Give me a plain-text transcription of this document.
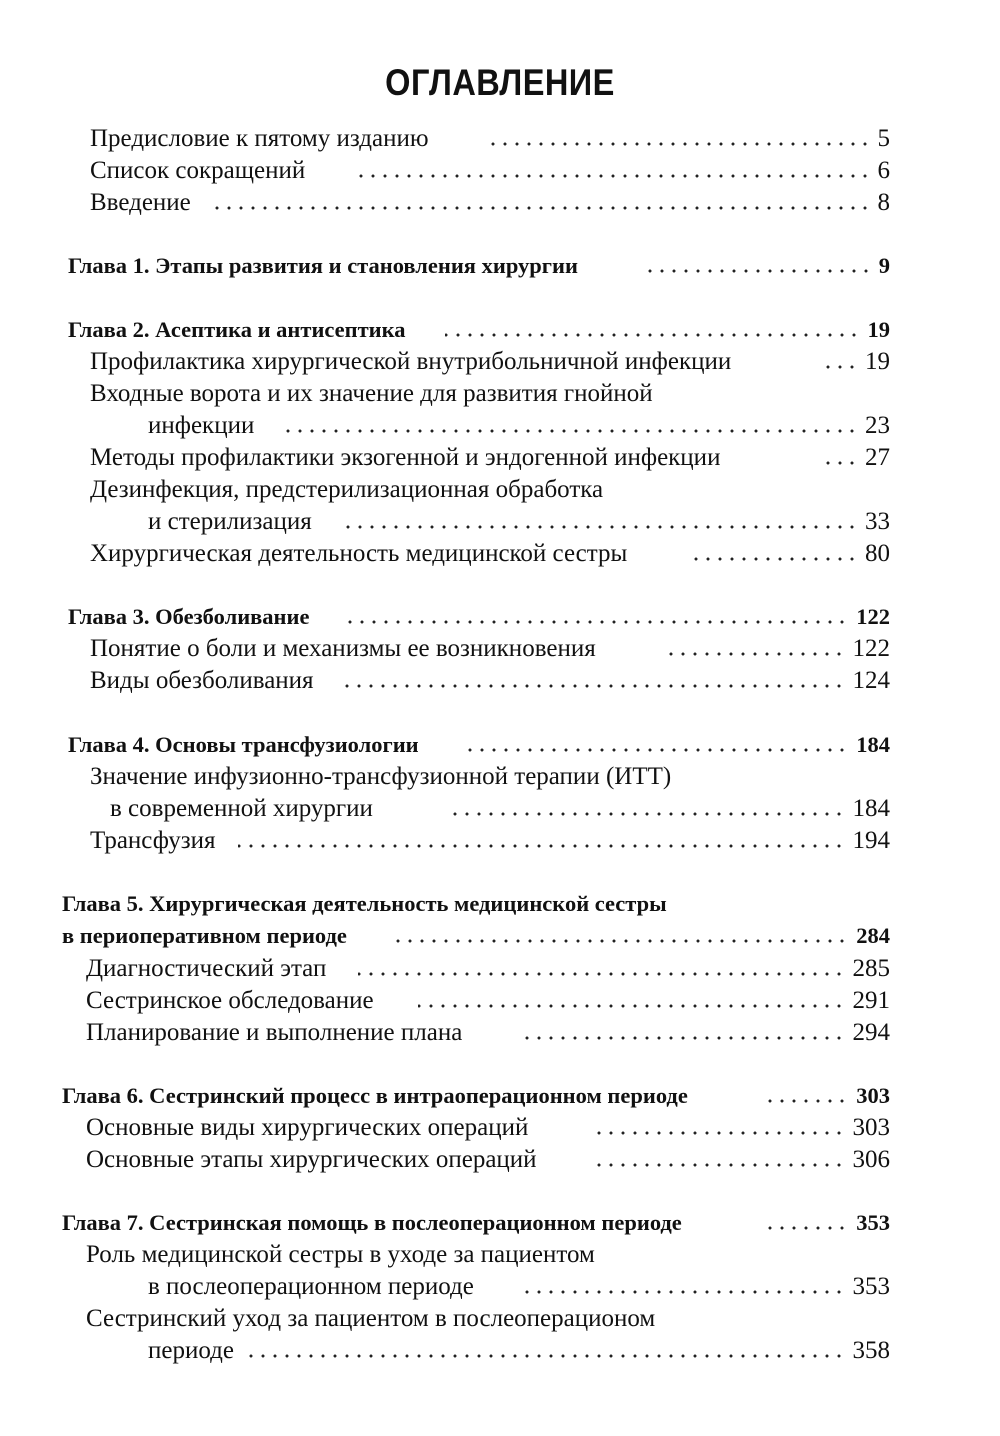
ОГЛАВЛЕНИЕ
Предисловие к пятому изданию	5
Список сокращений	6
Введение	8
Глава 1. Этапы развития и становления хирургии	9
Глава 2. Асептика и антисептика	19
Профилактика хирургической внутрибольничной инфекции	19
Входные ворота и их значение для развития гнойной
инфекции	23
Методы профилактики экзогенной и эндогенной инфекции	27
Дезинфекция, предстерилизационная обработка
и стерилизация	33
Хирургическая деятельность медицинской сестры	80
Глава 3. Обезболивание	122
Понятие о боли и механизмы ее возникновения	122
Виды обезболивания	124
Глава 4. Основы трансфузиологии	184
Значение инфузионно-трансфузионной терапии (ИТТ)
в современной хирургии	184
Трансфузия	194
Глава 5. Хирургическая деятельность медицинской сестры
в периоперативном периоде	284
Диагностический этап	285
Сестринское обследование	291
Планирование и выполнение плана	294
Глава 6. Сестринский процесс в интраоперационном периоде	303
Основные виды хирургических операций	303
Основные этапы хирургических операций	306
Глава 7. Сестринская помощь в послеоперационном периоде	353
Роль медицинской сестры в уходе за пациентом
в послеоперационном периоде	353
Сестринский уход за пациентом в послеоперационом
периоде	358
